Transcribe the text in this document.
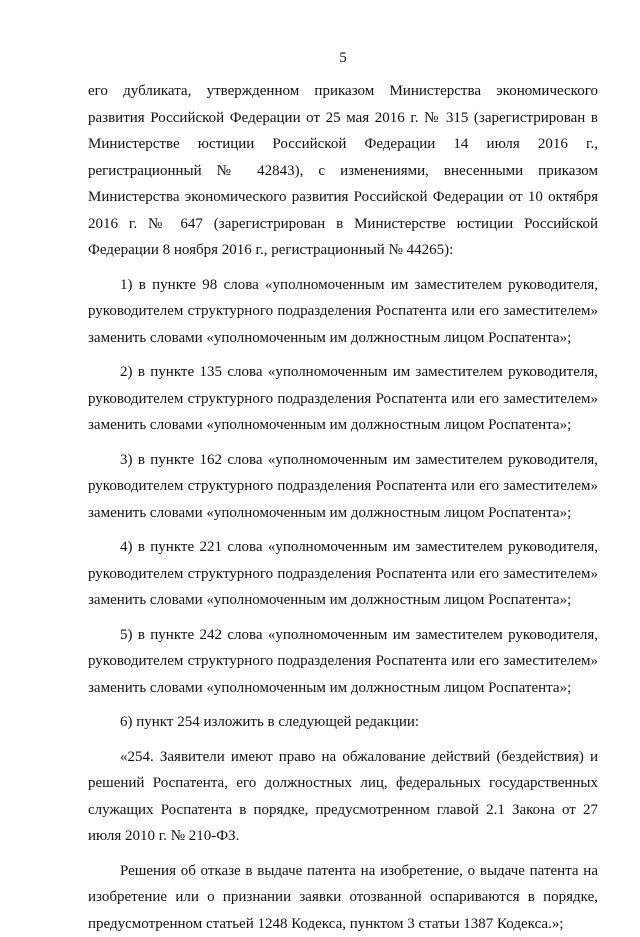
5

его дубликата, утвержденном приказом Министерства экономического развития Российской Федерации от 25 мая 2016 г. № 315 (зарегистрирован в Министерстве юстиции Российской Федерации 14 июля 2016 г., регистрационный № 42843), с изменениями, внесенными приказом Министерства экономического развития Российской Федерации от 10 октября 2016 г. № 647 (зарегистрирован в Министерстве юстиции Российской Федерации 8 ноября 2016 г., регистрационный № 44265):

1) в пункте 98 слова «уполномоченным им заместителем руководителя, руководителем структурного подразделения Роспатента или его заместителем» заменить словами «уполномоченным им должностным лицом Роспатента»;

2) в пункте 135 слова «уполномоченным им заместителем руководителя, руководителем структурного подразделения Роспатента или его заместителем» заменить словами «уполномоченным им должностным лицом Роспатента»;

3) в пункте 162 слова «уполномоченным им заместителем руководителя, руководителем структурного подразделения Роспатента или его заместителем» заменить словами «уполномоченным им должностным лицом Роспатента»;

4) в пункте 221 слова «уполномоченным им заместителем руководителя, руководителем структурного подразделения Роспатента или его заместителем» заменить словами «уполномоченным им должностным лицом Роспатента»;

5) в пункте 242 слова «уполномоченным им заместителем руководителя, руководителем структурного подразделения Роспатента или его заместителем» заменить словами «уполномоченным им должностным лицом Роспатента»;

6) пункт 254 изложить в следующей редакции:

«254. Заявители имеют право на обжалование действий (бездействия) и решений Роспатента, его должностных лиц, федеральных государственных служащих Роспатента в порядке, предусмотренном главой 2.1 Закона от 27 июля 2010 г. № 210-ФЗ.

Решения об отказе в выдаче патента на изобретение, о выдаче патента на изобретение или о признании заявки отозванной оспариваются в порядке, предусмотренном статьей 1248 Кодекса, пунктом 3 статьи 1387 Кодекса.»;
